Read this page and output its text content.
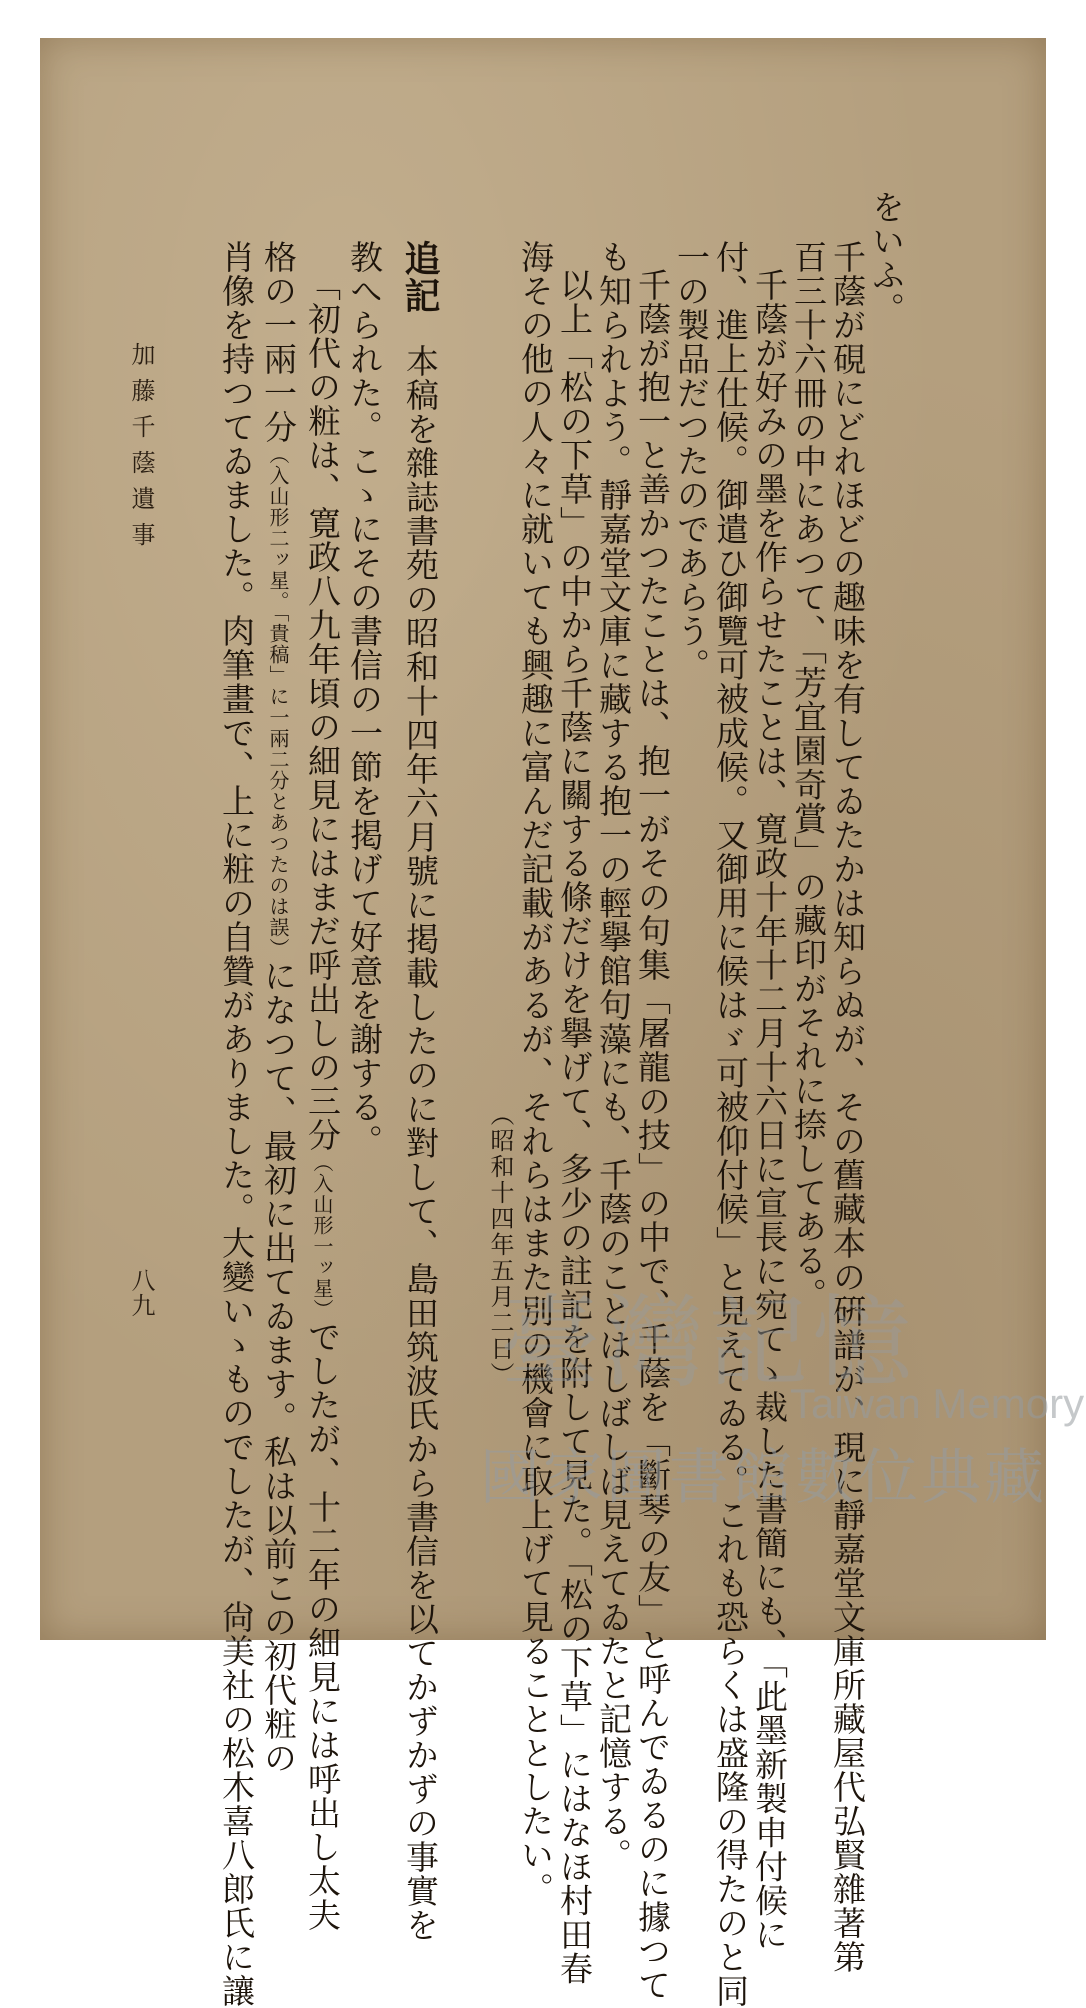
をいふ。
千蔭が硯にどれほどの趣味を有してゐたかは知らぬが、その舊藏本の硏譜が、現に靜嘉堂文庫所藏屋代弘賢雜著第
百三十六冊の中にあつて、「芳宜園奇賞」の藏印がそれに捺してある。
千蔭が好みの墨を作らせたことは、寛政十年十二月十六日に宣長に宛てゝ裁した書簡にも、「此墨新製申付候に
付、進上仕候。御遣ひ御覽可被成候。又御用に候はゞ可被仰付候」と見えてゐる。これも恐らくは盛隆の得たのと同
一の製品だつたのであらう。
千蔭が抱一と善かつたことは、抱一がその句集「屠龍の技」の中で、千蔭を「斷琴の友」と呼んでゐるのに據つて
も知られよう。靜嘉堂文庫に藏する抱一の輕擧館句藻にも、千蔭のことはしばしば見えてゐたと記憶する。
以上「松の下草」の中から千蔭に關する條だけを擧げて、多少の註記を附して見た。「松の下草」にはなほ村田春
海その他の人々に就いても興趣に富んだ記載があるが、それらはまた別の機會に取上げて見ることとしたい。
（昭和十四年五月二日）
追記本稿を雜誌書苑の昭和十四年六月號に掲載したのに對して、島田筑波氏から書信を以てかずかずの事實を
教へられた。こゝにその書信の一節を掲げて好意を謝する。
「初代の粧は、寛政八九年頃の細見にはまだ呼出しの三分（入山形一ッ星）でしたが、十二年の細見には呼出し太夫
格の一兩一分（入山形二ッ星。「貴稿」に一兩二分とあつたのは誤）になつて、最初に出てゐます。私は以前この初代粧の
肖像を持つてゐました。肉筆畫で、上に粧の自贊がありました。大變いゝものでしたが、尙美社の松木喜八郎氏に讓
加藤千蔭遺事
八九	臺灣記憶
Taiwan Memory
國家圖書館數位典藏
